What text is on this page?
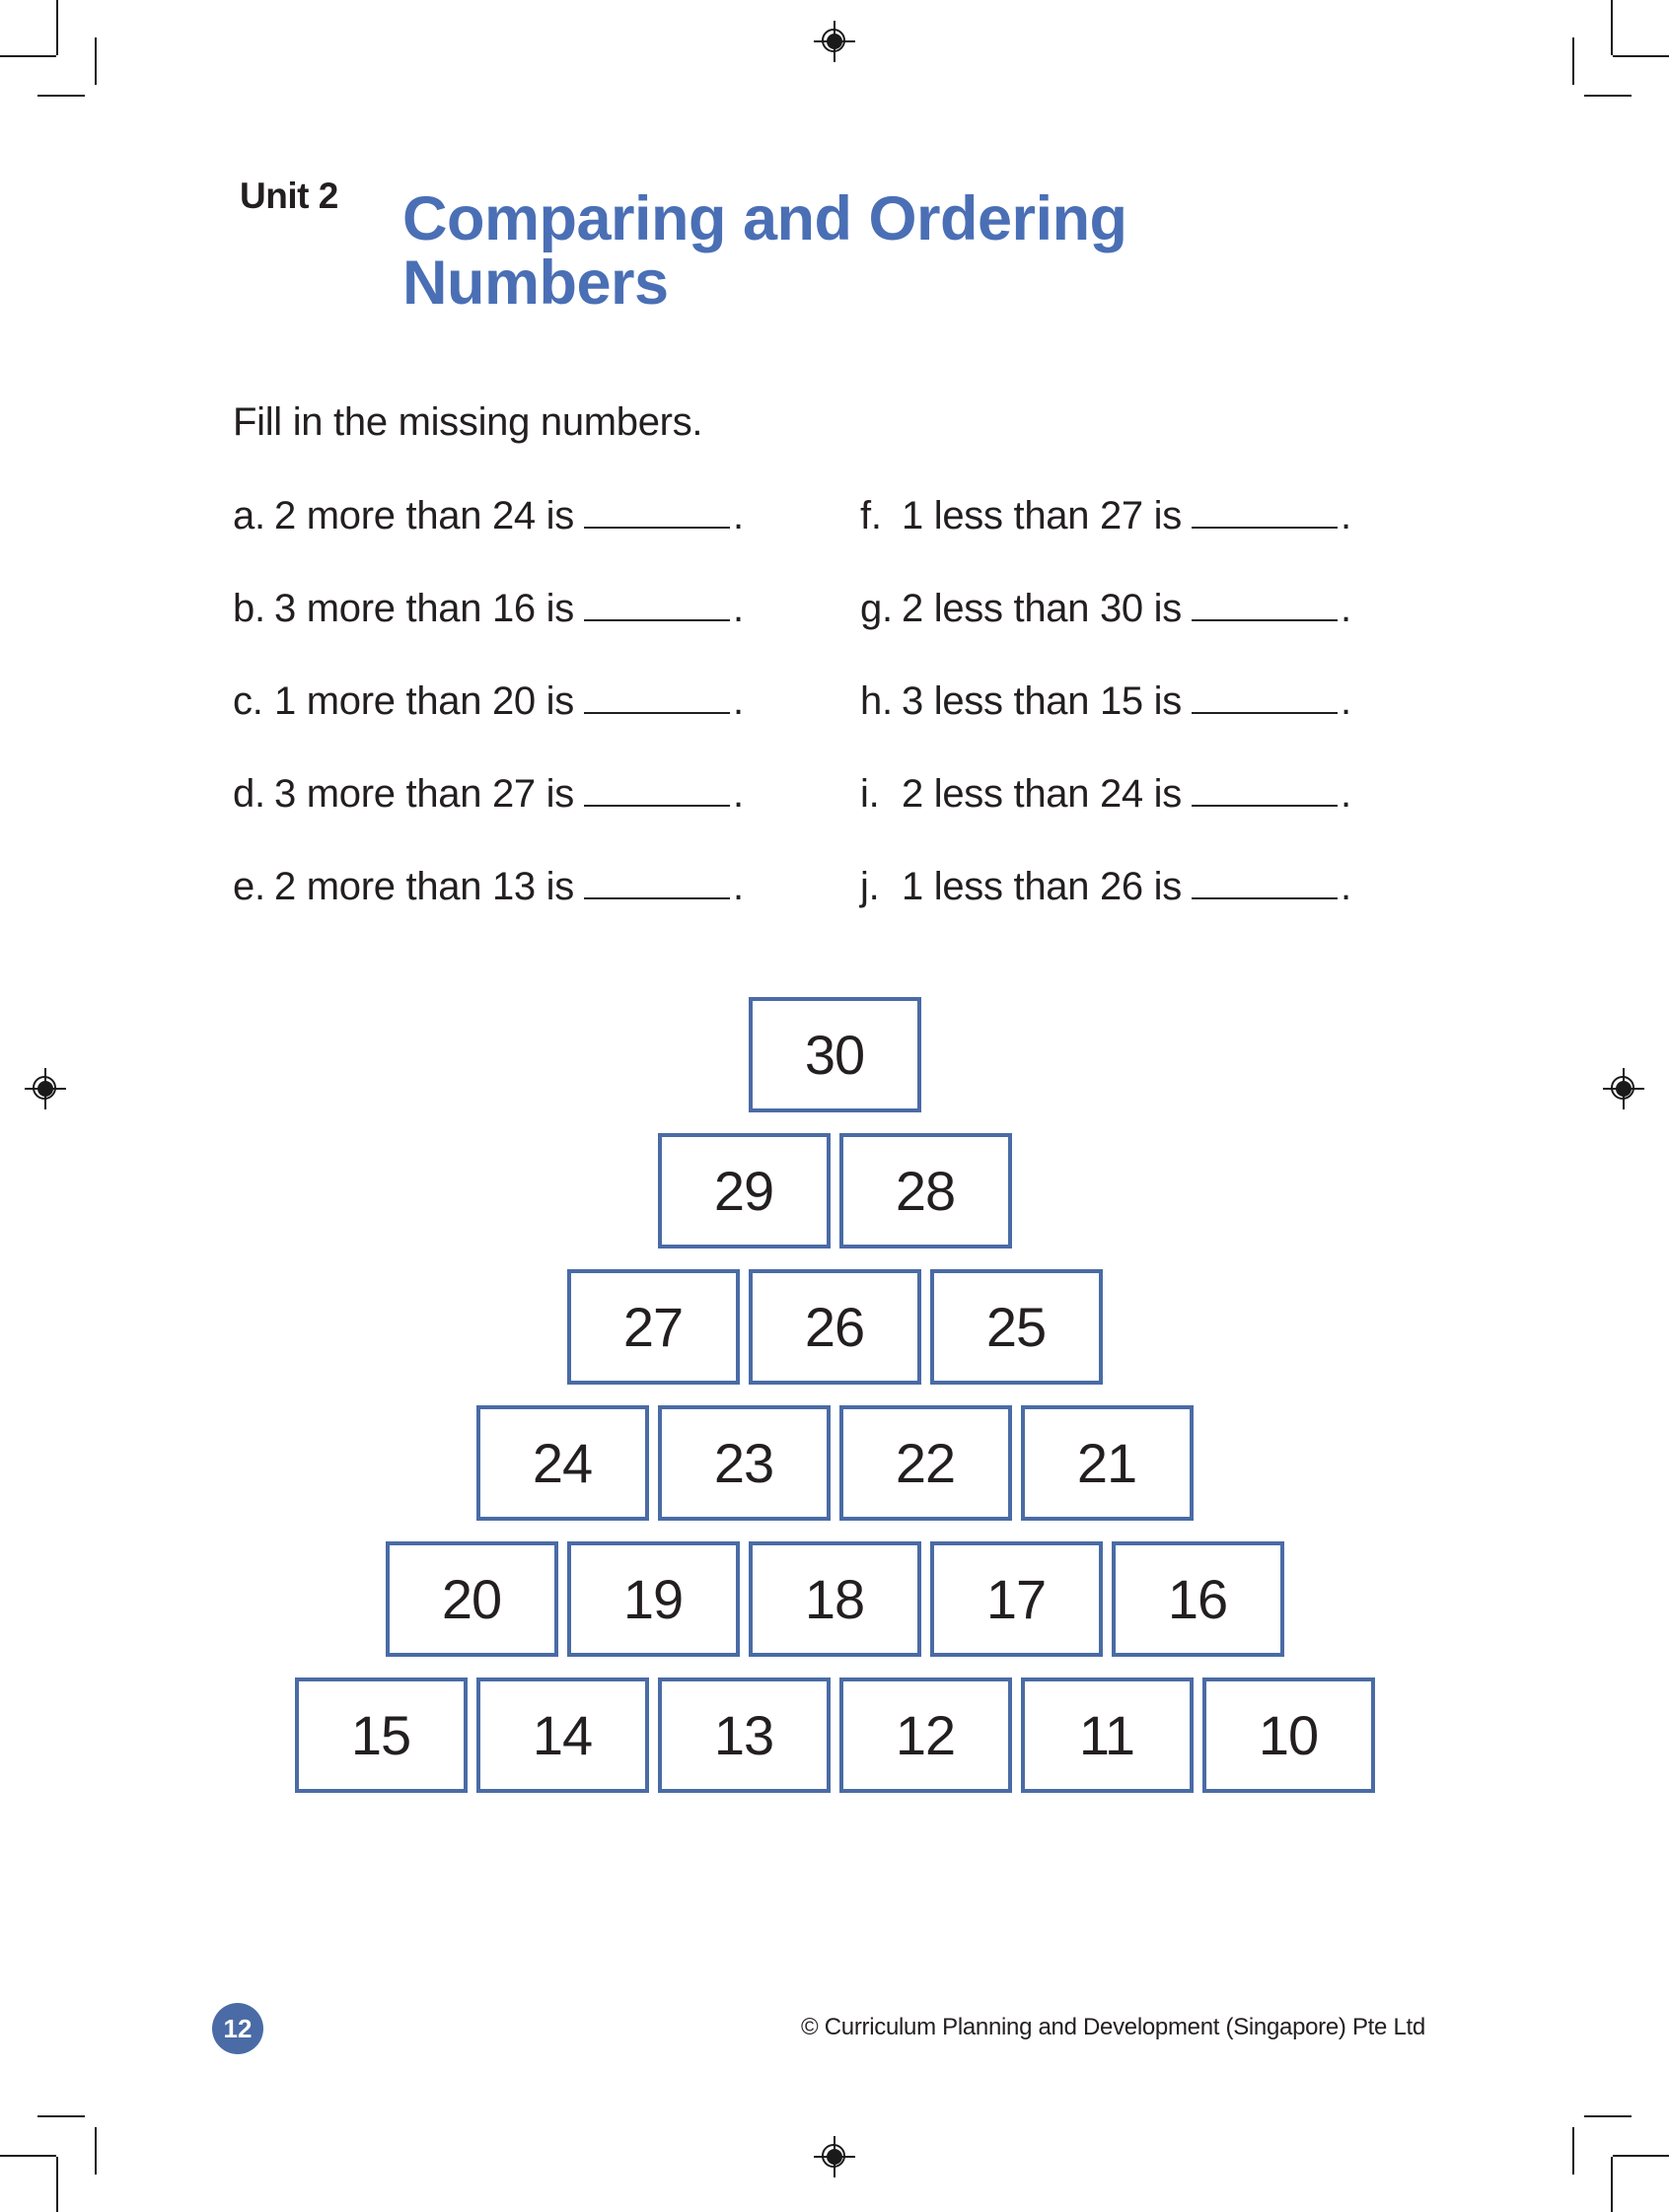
Unit 2 Comparing and Ordering Numbers
Fill in the missing numbers.
a. 2 more than 24 is	.
b. 3 more than 16 is	.
c. 1 more than 20 is	.
d. 3 more than 27 is	.
e. 2 more than 13 is	.
f. 1 less than 27 is	.
g. 2 less than 30 is	.
h. 3 less than 15 is	.
i. 2 less than 24 is	.
j. 1 less than 26 is	.
30
29	28
27	26	25
24	23	22	21
20	19	18	17	16
15	14	13	12	11	10
12	© Curriculum Planning and Development (Singapore) Pte Ltd
